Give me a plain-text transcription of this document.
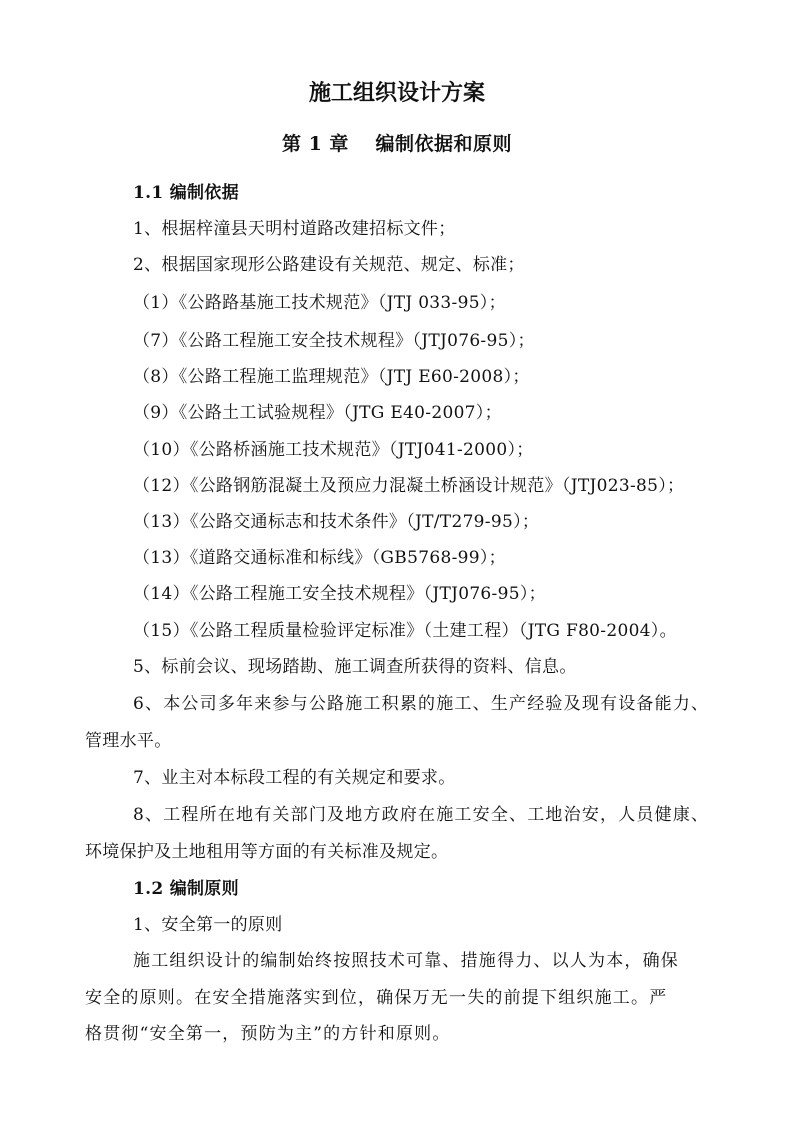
施工组织设计方案
第 1 章　 编制依据和原则
1.1 编制依据
1、根据梓潼县天明村道路改建招标文件；
2、根据国家现形公路建设有关规范、规定、标准；
（1）《公路路基施工技术规范》（JTJ 033-95）；
（7）《公路工程施工安全技术规程》（JTJ076-95）；
（8）《公路工程施工监理规范》（JTJ E60-2008）；
（9）《公路土工试验规程》（JTG E40-2007）；
（10）《公路桥涵施工技术规范》（JTJ041-2000）；
（12）《公路钢筋混凝土及预应力混凝土桥涵设计规范》（JTJ023-85）；
（13）《公路交通标志和技术条件》（JT/T279-95）；
（13）《道路交通标准和标线》（GB5768-99）；
（14）《公路工程施工安全技术规程》（JTJ076-95）；
（15）《公路工程质量检验评定标准》（土建工程）（JTG F80-2004）。
5、标前会议、现场踏勘、施工调查所获得的资料、信息。
6、本公司多年来参与公路施工积累的施工、生产经验及现有设备能力、
管理水平。
7、业主对本标段工程的有关规定和要求。
8、工程所在地有关部门及地方政府在施工安全、工地治安，人员健康、
环境保护及土地租用等方面的有关标准及规定。
1.2 编制原则
1、安全第一的原则
施工组织设计的编制始终按照技术可靠、措施得力、以人为本，确保
安全的原则。在安全措施落实到位，确保万无一失的前提下组织施工。严
格贯彻“安全第一，预防为主”的方针和原则。
